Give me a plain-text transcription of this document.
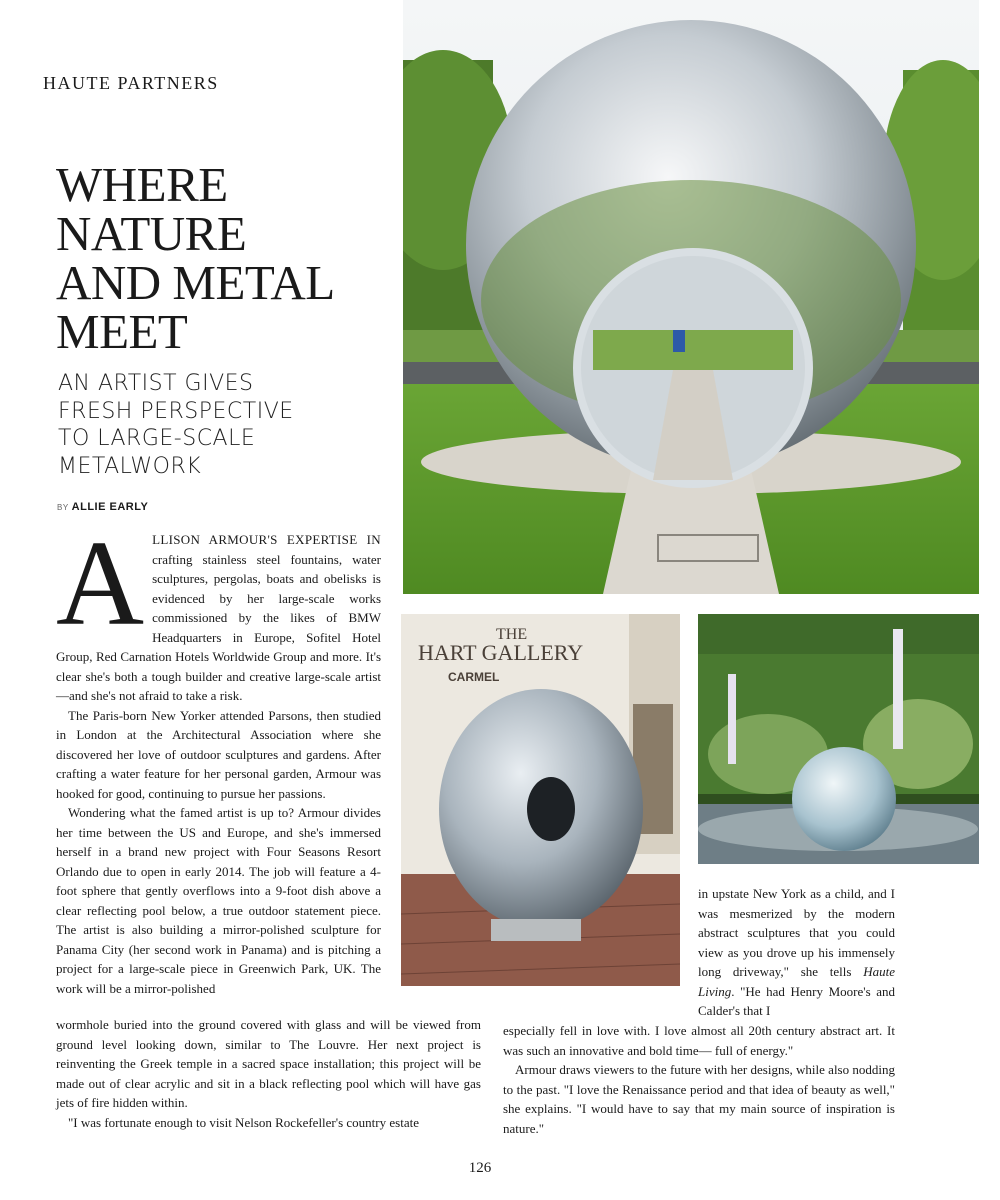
HAUTE PARTNERS
WHERE
NATURE
AND METAL
MEET
AN ARTIST GIVES
FRESH PERSPECTIVE
TO LARGE-SCALE
METALWORK
BY ALLIE EARLY
THE
HART GALLERY
CARMEL
A LLISON ARMOUR'S EXPERTISE IN crafting stainless steel fountains, water sculptures, pergolas, boats and obelisks is evidenced by her large-scale works commissioned by the likes of BMW Headquarters in Europe, Sofitel Hotel Group, Red Carnation Hotels Worldwide Group and more. It's clear she's both a tough builder and creative large-scale artist—and she's not afraid to take a risk.

The Paris-born New Yorker attended Parsons, then studied in London at the Architectural Association where she discovered her love of outdoor sculptures and gardens. After crafting a water feature for her personal garden, Armour was hooked for good, continuing to pursue her passions.

Wondering what the famed artist is up to? Armour divides her time between the US and Europe, and she's immersed herself in a brand new project with Four Seasons Resort Orlando due to open in early 2014. The job will feature a 4-foot sphere that gently overflows into a 9-foot dish above a clear reflecting pool below, a true outdoor statement piece. The artist is also building a mirror-polished sculpture for Panama City (her second work in Panama) and is pitching a project for a large-scale piece in Greenwich Park, UK. The work will be a mirror-polished

wormhole buried into the ground covered with glass and will be viewed from ground level looking down, similar to The Louvre. Her next project is reinventing the Greek temple in a sacred space installation; this project will be made out of clear acrylic and sit in a black reflecting pool which will have gas jets of fire hidden within.

"I was fortunate enough to visit Nelson Rockefeller's country estate

in upstate New York as a child, and I was mesmerized by the modern abstract sculptures that you could view as you drove up his immensely long driveway," she tells Haute Living. "He had Henry Moore's and Calder's that I

especially fell in love with. I love almost all 20th century abstract art. It was such an innovative and bold time— full of energy."

Armour draws viewers to the future with her designs, while also nodding to the past. "I love the Renaissance period and that idea of beauty as well," she explains. "I would have to say that my main source of inspiration is nature."

126
